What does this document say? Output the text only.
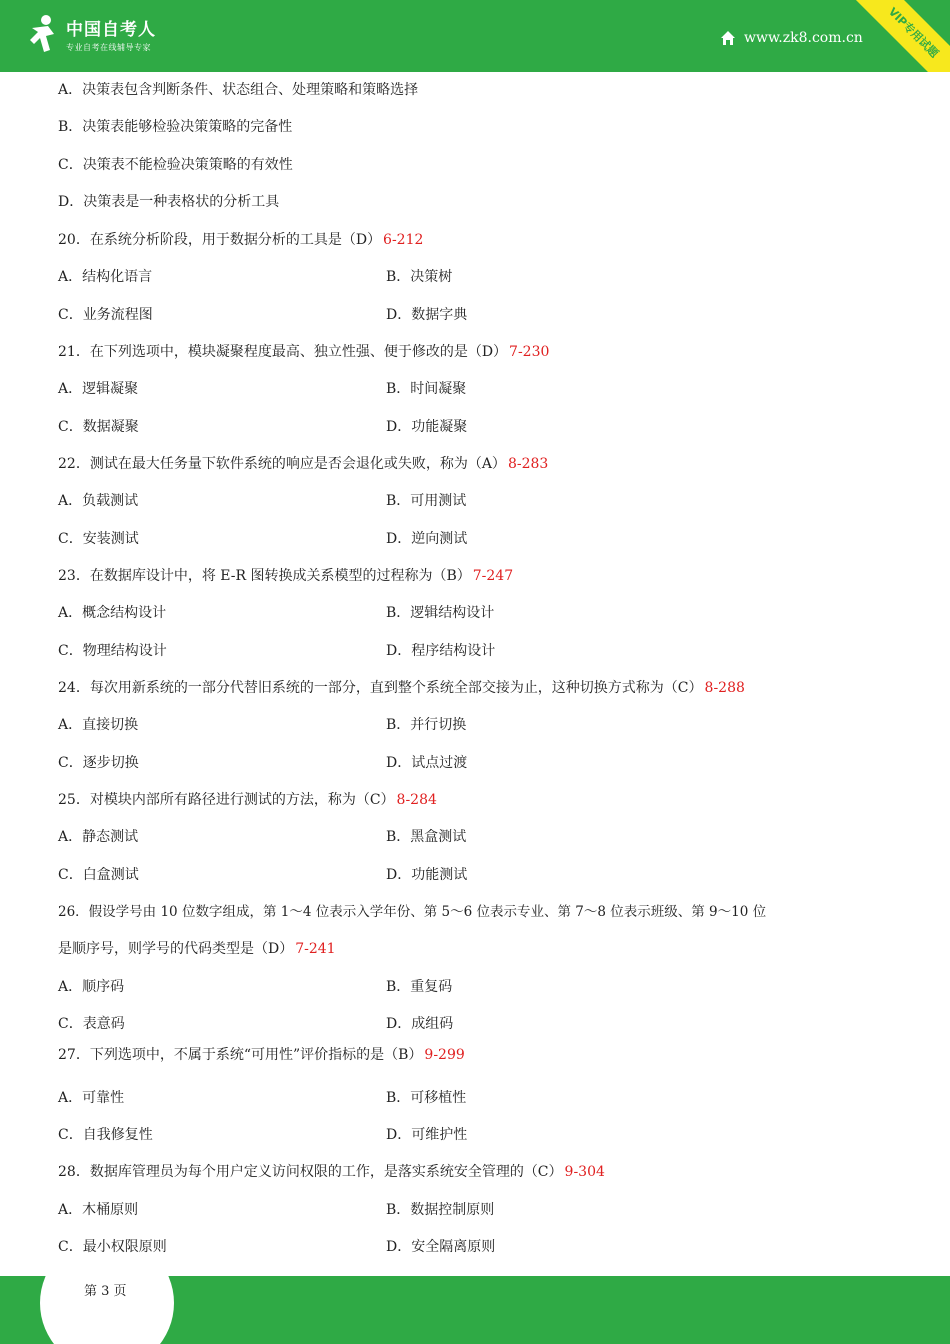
中国自考人
专业自考在线辅导专家
www.zk8.com.cn	VIP专用试题
A．决策表包含判断条件、状态组合、处理策略和策略选择
B．决策表能够检验决策策略的完备性
C．决策表不能检验决策策略的有效性
D．决策表是一种表格状的分析工具
20．在系统分析阶段，用于数据分析的工具是（D） 6-212
A．结构化语言	B．决策树
C．业务流程图	D．数据字典
21．在下列选项中，模块凝聚程度最高、独立性强、便于修改的是（D） 7-230
A．逻辑凝聚	B．时间凝聚
C．数据凝聚	D．功能凝聚
22．测试在最大任务量下软件系统的响应是否会退化或失败，称为（A） 8-283
A．负载测试	B．可用测试
C．安装测试	D．逆向测试
23．在数据库设计中，将 E-R 图转换成关系模型的过程称为（B） 7-247
A．概念结构设计	B．逻辑结构设计
C．物理结构设计	D．程序结构设计
24．每次用新系统的一部分代替旧系统的一部分，直到整个系统全部交接为止，这种切换方式称为（C） 8-288
A．直接切换	B．并行切换
C．逐步切换	D．试点过渡
25．对模块内部所有路径进行测试的方法，称为（C） 8-284
A．静态测试	B．黑盒测试
C．白盒测试	D．功能测试
26．假设学号由 10 位数字组成，第 1～4 位表示入学年份、第 5～6 位表示专业、第 7～8 位表示班级、第 9～10 位
是顺序号，则学号的代码类型是（D） 7-241
A．顺序码	B．重复码
C．表意码	D．成组码
27．下列选项中，不属于系统“可用性”评价指标的是（B） 9-299
A．可靠性	B．可移植性
C．自我修复性	D．可维护性
28．数据库管理员为每个用户定义访问权限的工作，是落实系统安全管理的（C） 9-304
A．木桶原则	B．数据控制原则
C．最小权限原则	D．安全隔离原则
第 3 页
